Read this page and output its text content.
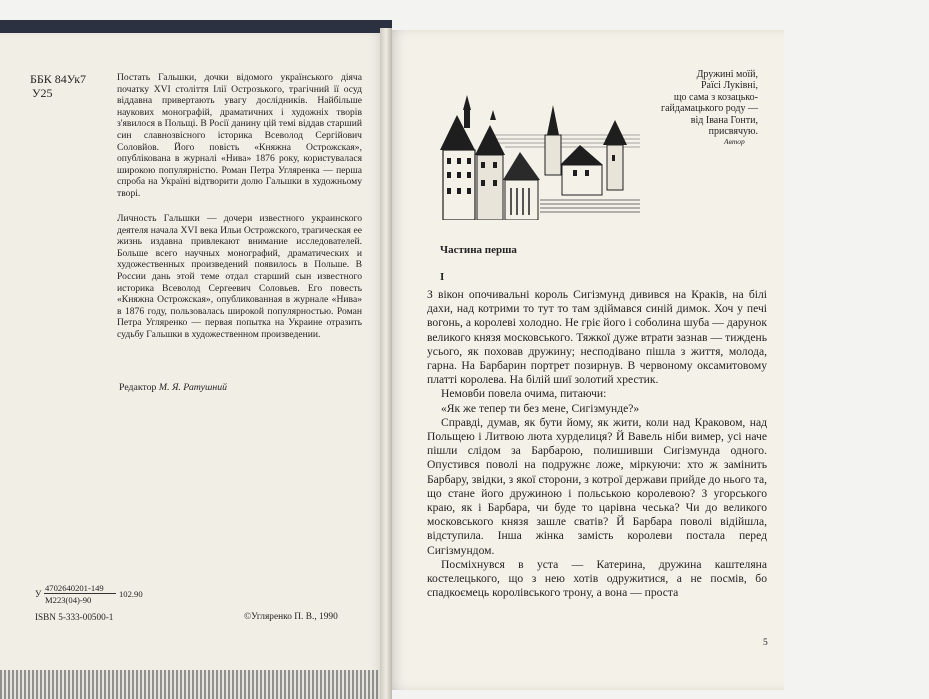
ББК 84Ук7
У25
Постать Гальшки, дочки відомого українського діяча початку XVI століття Ілії Острозького, трагічний її осуд віддавна привертають увагу дослідників. Найбільше наукових монографій, драматичних і художніх творів з'явилося в Польщі. В Росії данину цій темі віддав старший син славнозвісного історика Всеволод Сергійович Соловйов. Його повість «Княжна Острожская», опублікована в журналі «Нива» 1876 року, користувалася широкою популярністю. Роман Петра Угляренка — перша спроба на Україні відтворити долю Гальшки в художньому творі.
Личность Гальшки — дочери известного украинского деятеля начала XVI века Ильи Острожского, трагическая ее жизнь издавна привлекают внимание исследователей. Больше всего научных монографий, драматических и художественных произведений появилось в Польше. В России дань этой теме отдал старший сын известного историка Всеволод Сергеевич Соловьев. Его повесть «Княжна Острожская», опубликованная в журнале «Нива» в 1876 году, пользовалась широкой популярностью. Роман Петра Угляренко — первая попытка на Украине отразить судьбу Гальшки в художественном произведении.
Редактор М. Я. Ратушний
У
4702640201-149
М223(04)-90
102.90
ISBN 5-333-00500-1	©Угляренко П. В., 1990
Дружині моїй,
Раїсі Луківні,
що сама з козацько-
гайдамацького роду —
від Івана Гонти,
присвячую.
Автор
Частина перша
I

З вікон опочивальні король Сигізмунд дивився на Краків, на білі дахи, над котрими то тут то там здіймався синій димок. Хоч у печі вогонь, а королеві холодно. Не гріє його і соболина шуба — дарунок великого князя московського. Тяжкої дуже втрати зазнав — тиждень усього, як поховав дружину; несподівано пішла з життя, молода, гарна. На Барбарин портрет позирнув. В червоному оксамитовому платті королева. На білій шиї золотий хрестик.

Немовби повела очима, питаючи:

«Як же тепер ти без мене, Сигізмунде?»

Справді, думав, як бути йому, як жити, коли над Краковом, над Польщею і Литвою люта хурделиця? Й Вавель ніби вимер, усі наче пішли слідом за Барбарою, полишивши Сигізмунда одного. Опустився поволі на подружнє ложе, міркуючи: хто ж замінить Барбару, звідки, з якої сторони, з котрої держави прийде до нього та, що стане його дружиною і польською королевою? З угорського краю, як і Барбара, чи буде то царівна чеська? Чи до великого московського князя зашле сватів? Й Барбара поволі відійшла, відступила. Інша жінка замість королеви постала перед Сигізмундом.

Посміхнувся в уста — Катерина, дружина каштеляна костелецького, що з нею хотів одружитися, а не посмів, бо спадкоємець королівського трону, а вона — проста

5
